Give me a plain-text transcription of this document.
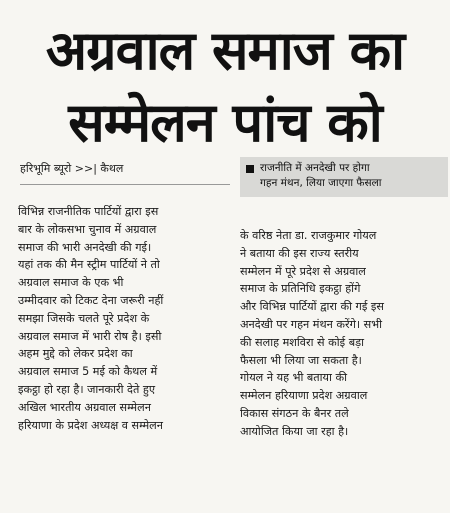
अग्रवाल समाज का
सम्मेलन पांच को
हरिभूमि ब्यूरो >>| कैथल	राजनीति में अनदेखी पर होगा
गहन मंथन, लिया जाएगा फैसला
विभिन्न राजनीतिक पार्टियों द्वारा इस
बार के लोकसभा चुनाव में अग्रवाल
समाज की भारी अनदेखी की गई।
यहां तक की मैन स्ट्रीम पार्टियों ने तो
अग्रवाल समाज के एक भी
उम्मीदवार को टिकट देना जरूरी नहीं
समझा जिसके चलते पूरे प्रदेश के
अग्रवाल समाज में भारी रोष है। इसी
अहम मुद्दे को लेकर प्रदेश का
अग्रवाल समाज 5 मई को कैथल में
इकट्ठा हो रहा है। जानकारी देते हुए
अखिल भारतीय अग्रवाल सम्मेलन
हरियाणा के प्रदेश अध्यक्ष व सम्मेलन
के वरिष्ठ नेता डा. राजकुमार गोयल
ने बताया की इस राज्य स्तरीय
सम्मेलन में पूरे प्रदेश से अग्रवाल
समाज के प्रतिनिधि इकट्ठा होंगे
और विभिन्न पार्टियों द्वारा की गई इस
अनदेखी पर गहन मंथन करेंगे। सभी
की सलाह मशविरा से कोई बड़ा
फैसला भी लिया जा सकता है।
गोयल ने यह भी बताया की
सम्मेलन हरियाणा प्रदेश अग्रवाल
विकास संगठन के बैनर तले
आयोजित किया जा रहा है।
